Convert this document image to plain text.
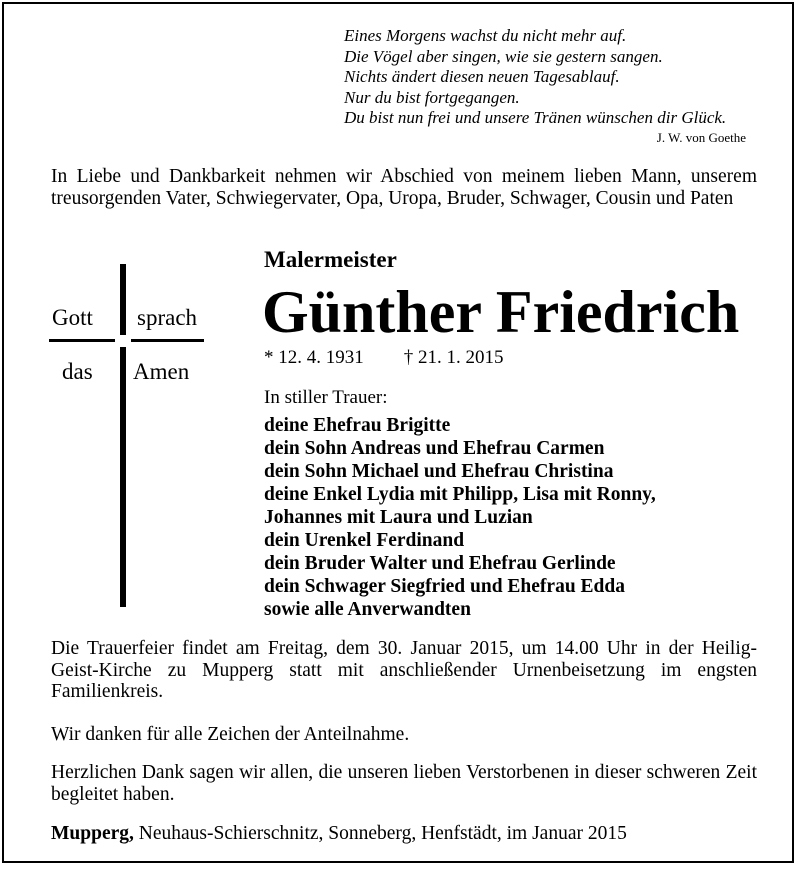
Eines Morgens wachst du nicht mehr auf.
Die Vögel aber singen, wie sie gestern sangen.
Nichts ändert diesen neuen Tagesablauf.
Nur du bist fortgegangen.
Du bist nun frei und unsere Tränen wünschen dir Glück.
J. W. von Goethe
In Liebe und Dankbarkeit nehmen wir Abschied von meinem lieben Mann, unserem treusorgenden Vater, Schwiegervater, Opa, Uropa, Bruder, Schwager, Cousin und Paten
Gott sprach
das Amen
Malermeister
Günther Friedrich
* 12. 4. 1931 † 21. 1. 2015
In stiller Trauer:
deine Ehefrau Brigitte
dein Sohn Andreas und Ehefrau Carmen
dein Sohn Michael und Ehefrau Christina
deine Enkel Lydia mit Philipp, Lisa mit Ronny,
Johannes mit Laura und Luzian
dein Urenkel Ferdinand
dein Bruder Walter und Ehefrau Gerlinde
dein Schwager Siegfried und Ehefrau Edda
sowie alle Anverwandten
Die Trauerfeier findet am Freitag, dem 30. Januar 2015, um 14.00 Uhr in der Heilig-Geist-Kirche zu Mupperg statt mit anschließender Urnenbeisetzung im engsten Familienkreis.
Wir danken für alle Zeichen der Anteilnahme.
Herzlichen Dank sagen wir allen, die unseren lieben Verstorbenen in dieser schweren Zeit begleitet haben.
Mupperg, Neuhaus-Schierschnitz, Sonneberg, Henfstädt, im Januar 2015
